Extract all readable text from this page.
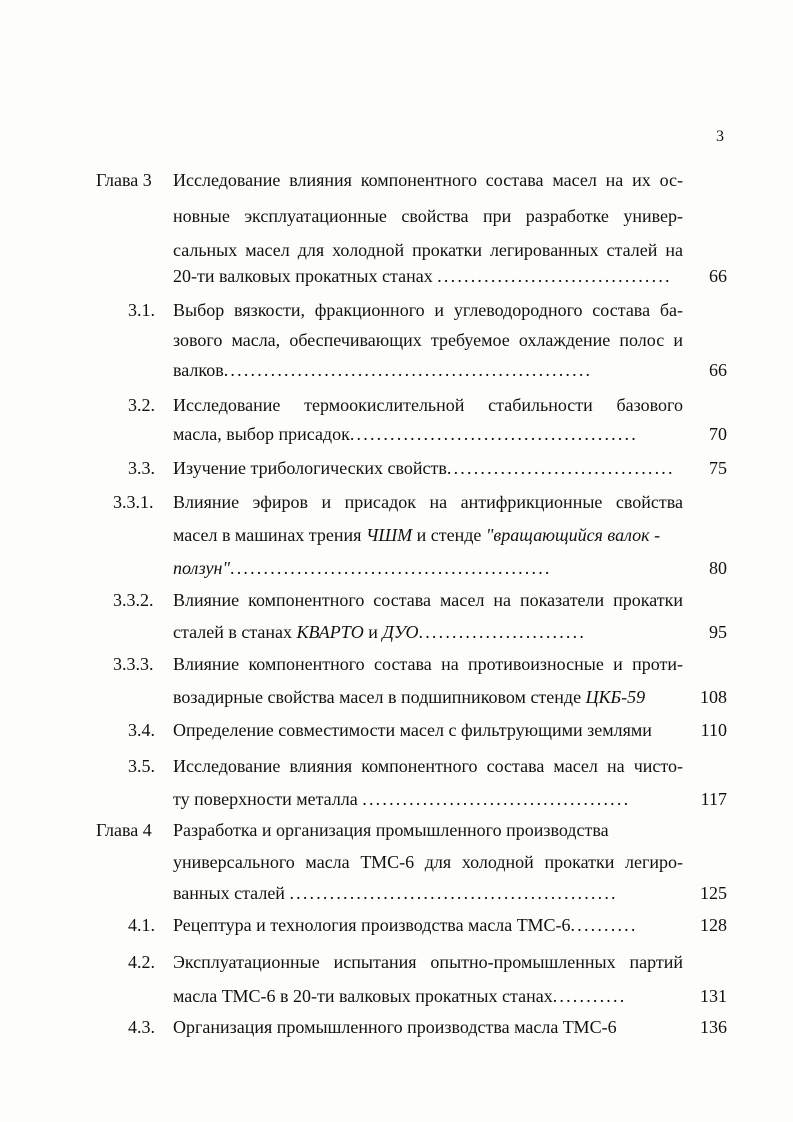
3
Глава 3 Исследование влияния компонентного состава масел на их ос-
новные эксплуатационные свойства при разработке универ-
сальных масел для холодной прокатки легированных сталей на
20-ти валковых прокатных станах ................................... 66
3.1. Выбор вязкости, фракционного и углеводородного состава ба-
зового масла, обеспечивающих требуемое охлаждение полос и
валков.......................................................	66
3.2. Исследование термоокислительной стабильности базового
масла, выбор присадок...........................................	70
3.3. Изучение трибологических свойств.................................. 75
3.3.1. Влияние эфиров и присадок на антифрикционные свойства
масел в машинах трения ЧШМ и стенде "вращающийся валок -
ползун"................................................	80
3.3.2. Влияние компонентного состава масел на показатели прокатки
сталей в станах КВАРТО и ДУО.........................	95
3.3.3. Влияние компонентного состава на противоизносные и проти-
возадирные свойства масел в подшипниковом стенде ЦКБ-59	108
3.4. Определение совместимости масел с фильтрующими землями	110
3.5. Исследование влияния компонентного состава масел на чисто-
ту поверхности металла ........................................	117
Глава 4 Разработка и организация промышленного производства
универсального масла ТМС-6 для холодной прокатки легиро-
ванных сталей .................................................	125
4.1. Рецептура и технология производства масла ТМС-6..........	128
4.2. Эксплуатационные испытания опытно-промышленных партий
масла ТМС-6 в 20-ти валковых прокатных станах...........	131
4.3. Организация промышленного производства масла ТМС-6	136
